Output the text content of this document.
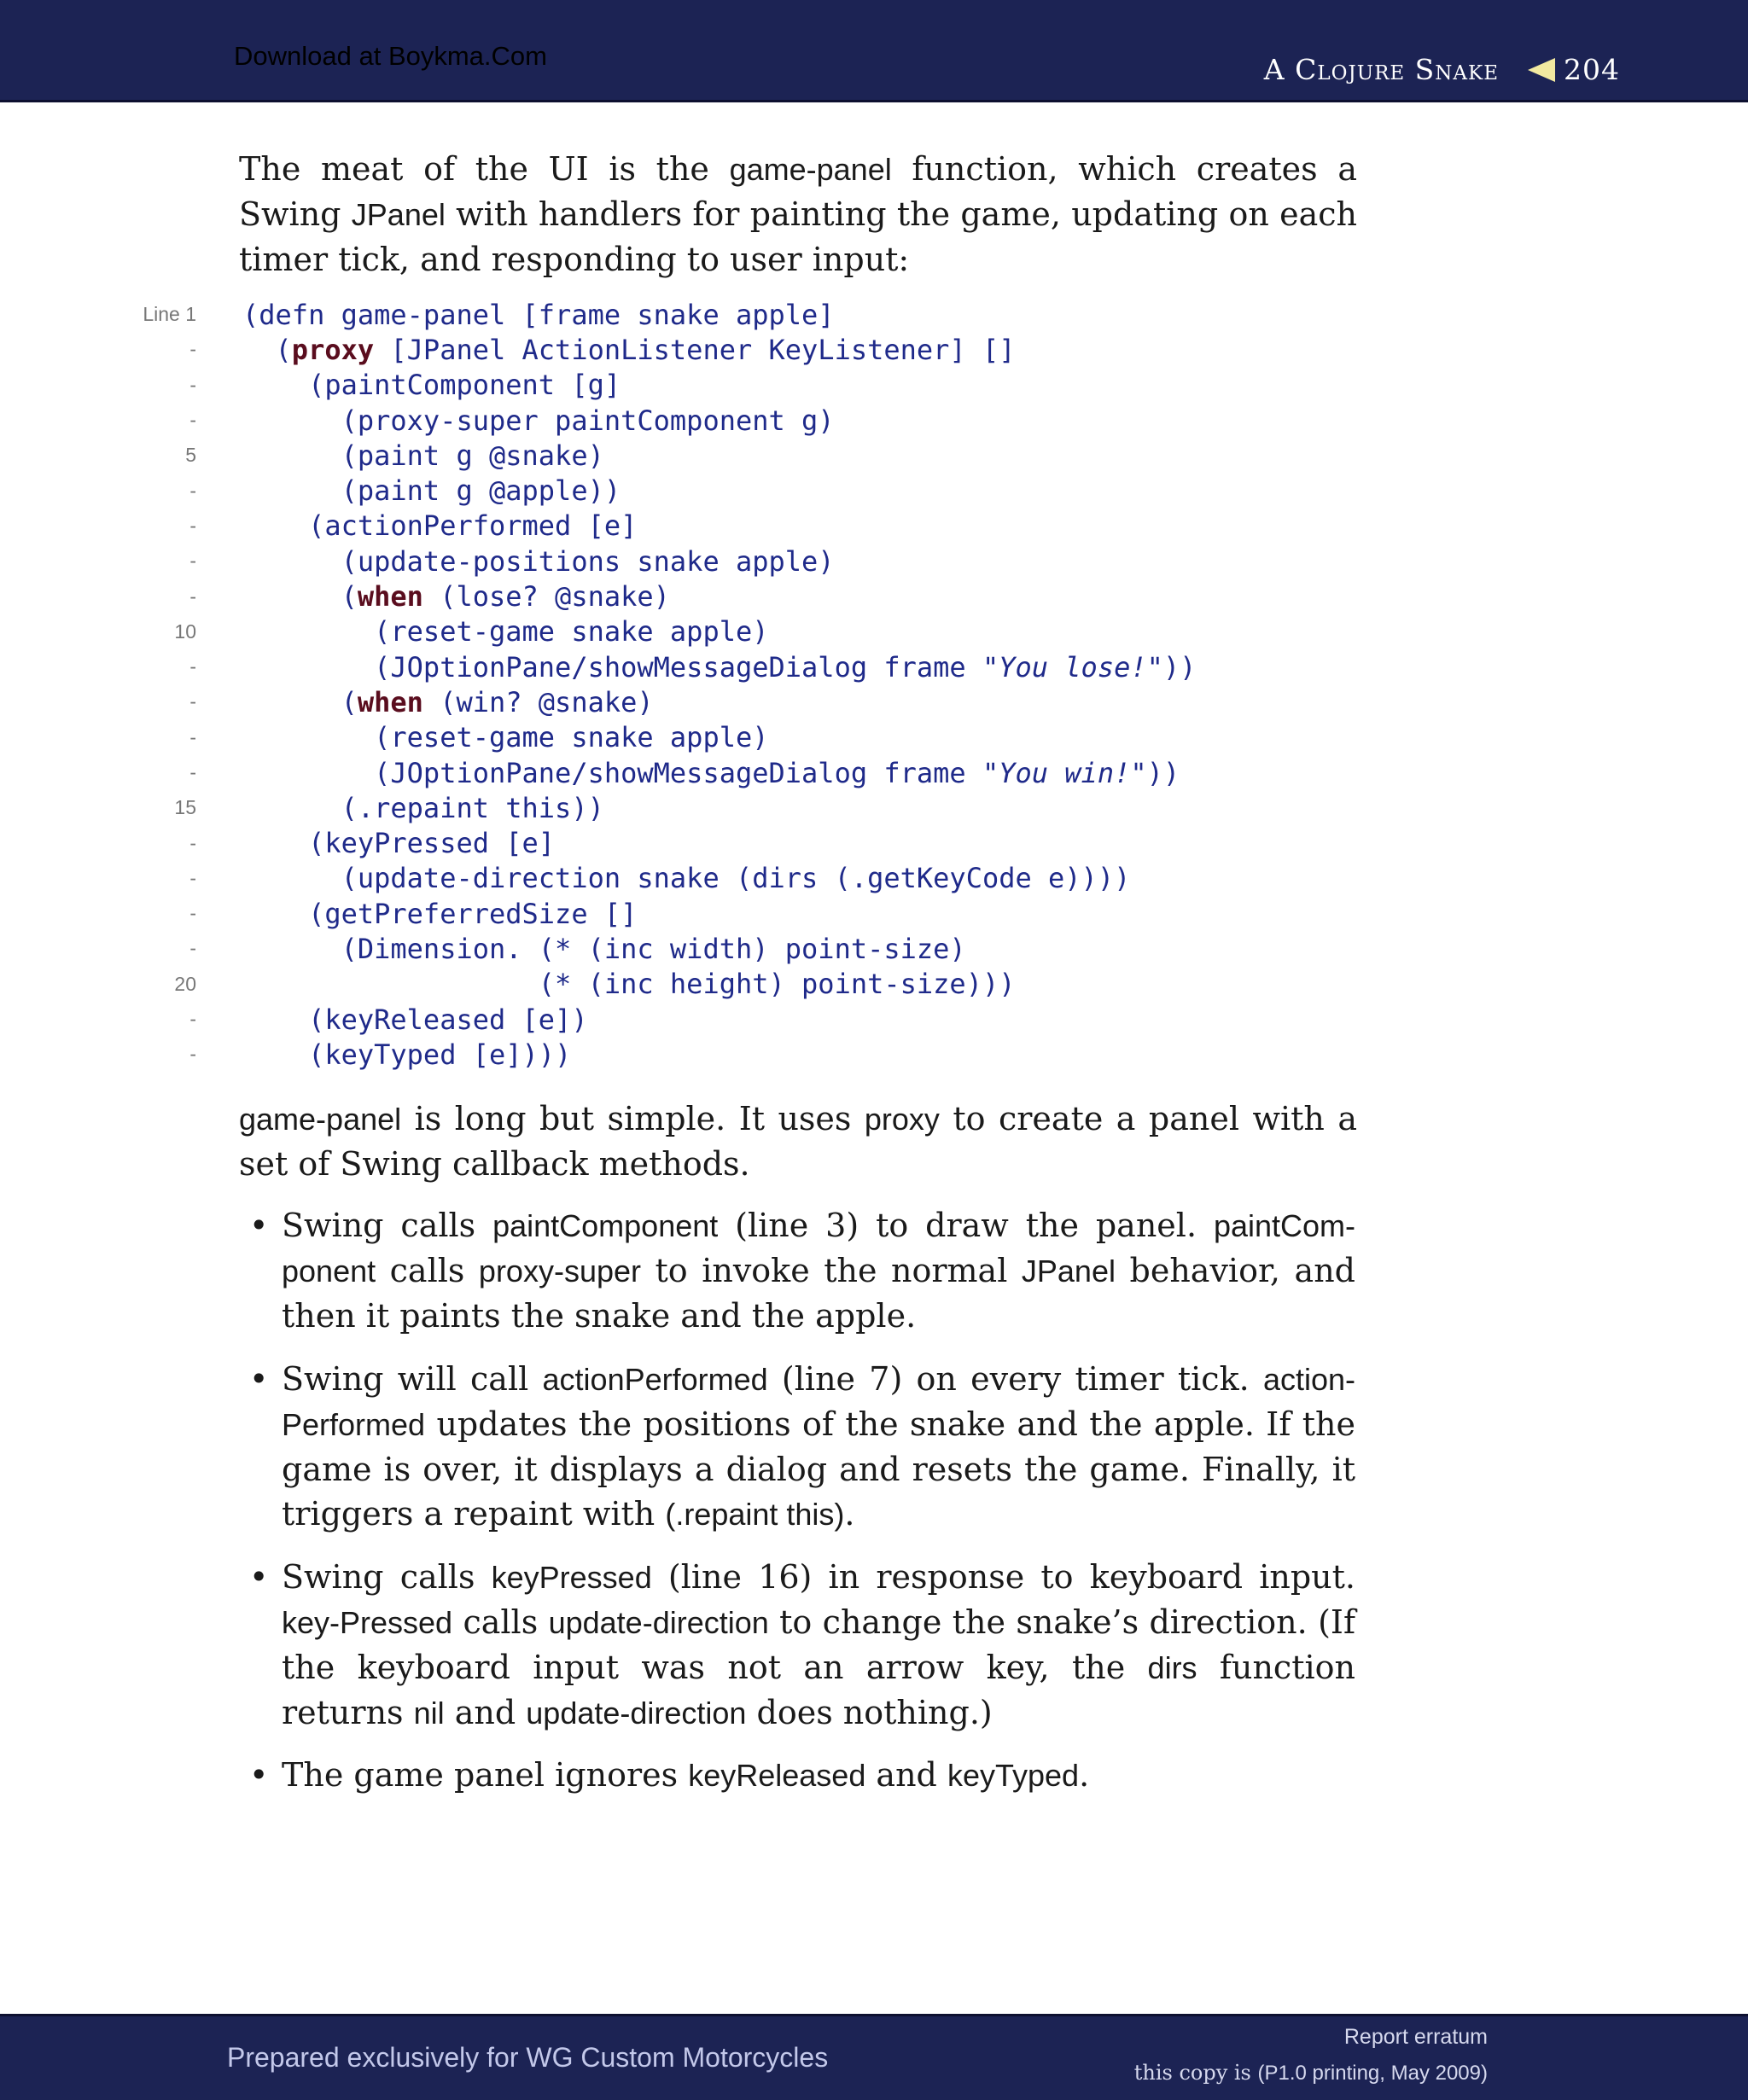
Download at Boykma.Com	A Clojure Snake 204
The meat of the UI is the game-panel function, which creates a Swing JPanel with handlers for painting the game, updating on each timer tick, and responding to user input:
Line 1 (defn game-panel [frame snake apple]
- (proxy [JPanel ActionListener KeyListener] []
- (paintComponent [g]
- (proxy-super paintComponent g)
5 (paint g @snake)
- (paint g @apple))
- (actionPerformed [e]
- (update-positions snake apple)
- (when (lose? @snake)
10 (reset-game snake apple)
- (JOptionPane/showMessageDialog frame "You lose!"))
- (when (win? @snake)
- (reset-game snake apple)
- (JOptionPane/showMessageDialog frame "You win!"))
15 (.repaint this))
- (keyPressed [e]
- (update-direction snake (dirs (.getKeyCode e))))
- (getPreferredSize []
- (Dimension. (* (inc width) point-size)
20 (* (inc height) point-size)))
- (keyReleased [e])
- (keyTyped [e])))
game-panel is long but simple. It uses proxy to create a panel with a set of Swing callback methods.
• Swing calls paintComponent (line 3) to draw the panel. paintCom-ponent calls proxy-super to invoke the normal JPanel behavior, and then it paints the snake and the apple.
• Swing will call actionPerformed (line 7) on every timer tick. action-Performed updates the positions of the snake and the apple. If the game is over, it displays a dialog and resets the game. Finally, it triggers a repaint with (.repaint this).
• Swing calls keyPressed (line 16) in response to keyboard input. key-Pressed calls update-direction to change the snake’s direction. (If the keyboard input was not an arrow key, the dirs function returns nil and update-direction does nothing.)
• The game panel ignores keyReleased and keyTyped.
Prepared exclusively for WG Custom Motorcycles
Report erratum
this copy is (P1.0 printing, May 2009)
